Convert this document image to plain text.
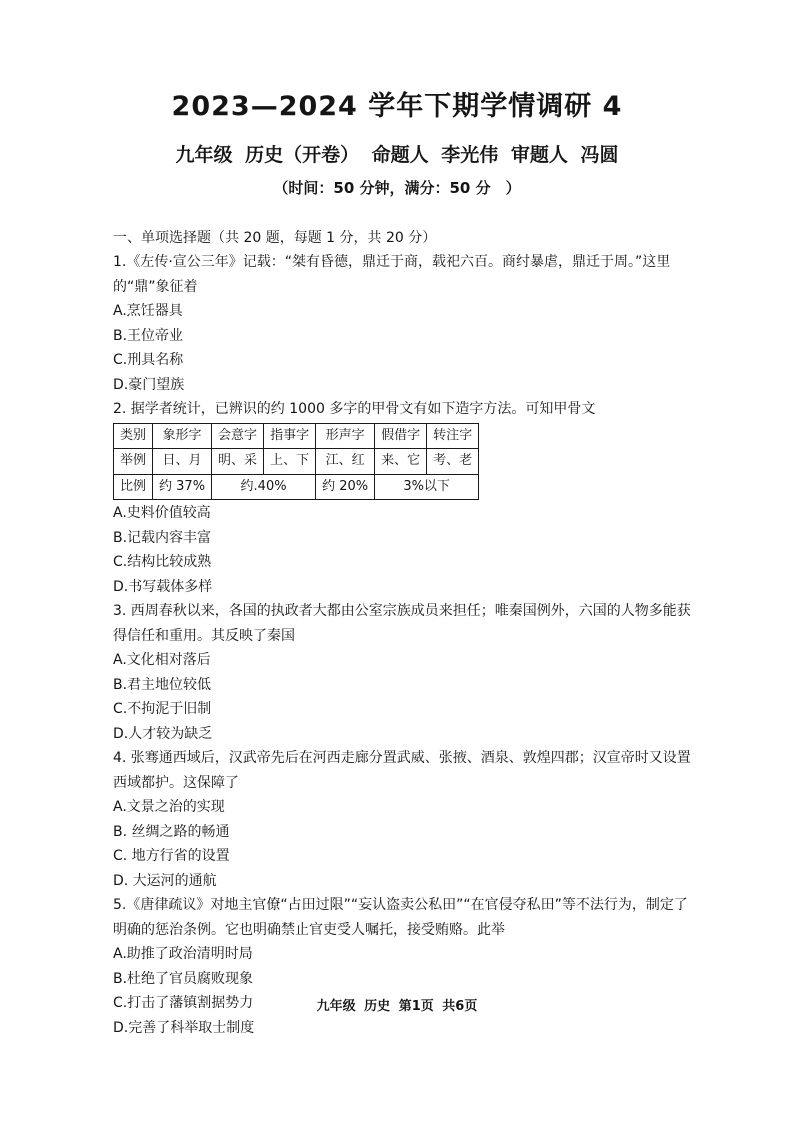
2023—2024 学年下期学情调研 4
九年级 历史（开卷） 命题人 李光伟 审题人 冯圆
（时间：50 分钟，满分：50 分　）
一、单项选择题（共 20 题，每题 1 分，共 20 分）

1.《左传·宣公三年》记载：“桀有昏德，鼎迁于商，载祀六百。商纣暴虐，鼎迁于周。”这里的“鼎”象征着

A.烹饪器具

B.王位帝业

C.刑具名称

D.豪门望族

2. 据学者统计，已辨识的约 1000 多字的甲骨文有如下造字方法。可知甲骨文

类别	象形字	会意字	指事字	形声字	假借字	转注字
举例	日、月	明、采	上、下	江、红	来、它	考、老
比例	约 37%	约.40%		约 20%	3%以下	

A.史料价值较高

B.记载内容丰富

C.结构比较成熟

D.书写载体多样

3. 西周春秋以来，各国的执政者大都由公室宗族成员来担任；唯秦国例外，六国的人物多能获得信任和重用。其反映了秦国

A.文化相对落后

B.君主地位较低

C.不拘泥于旧制

D.人才较为缺乏

4. 张骞通西域后，汉武帝先后在河西走廊分置武威、张掖、酒泉、敦煌四郡；汉宣帝时又设置西域都护。这保障了

A.文景之治的实现

B. 丝绸之路的畅通

C. 地方行省的设置

D. 大运河的通航

5.《唐律疏议》对地主官僚“占田过限”“妄认盗卖公私田”“在官侵夺私田”等不法行为，制定了明确的惩治条例。它也明确禁止官吏受人嘱托，接受贿赂。此举

A.助推了政治清明时局

B.杜绝了官员腐败现象

C.打击了藩镇割据势力

D.完善了科举取士制度

九年级 历史 第1页 共6页
